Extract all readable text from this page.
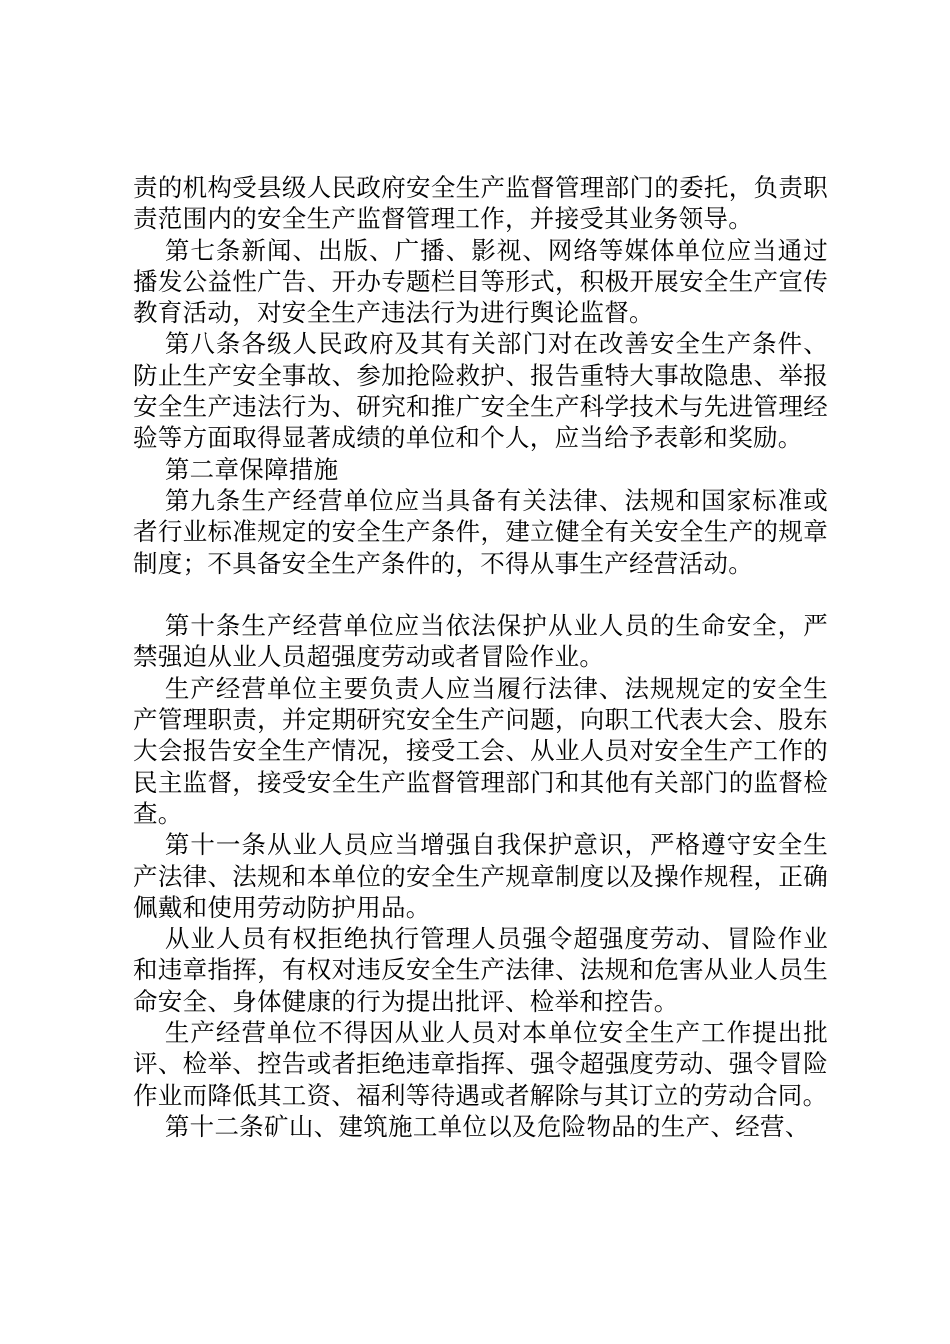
责的机构受县级人民政府安全生产监督管理部门的委托，负责职责范围内的安全生产监督管理工作，并接受其业务领导。

第七条新闻、出版、广播、影视、网络等媒体单位应当通过播发公益性广告、开办专题栏目等形式，积极开展安全生产宣传教育活动，对安全生产违法行为进行舆论监督。

第八条各级人民政府及其有关部门对在改善安全生产条件、防止生产安全事故、参加抢险救护、报告重特大事故隐患、举报安全生产违法行为、研究和推广安全生产科学技术与先进管理经验等方面取得显著成绩的单位和个人，应当给予表彰和奖励。

第二章保障措施

第九条生产经营单位应当具备有关法律、法规和国家标准或者行业标准规定的安全生产条件，建立健全有关安全生产的规章制度；不具备安全生产条件的，不得从事生产经营活动。

第十条生产经营单位应当依法保护从业人员的生命安全，严禁强迫从业人员超强度劳动或者冒险作业。

生产经营单位主要负责人应当履行法律、法规规定的安全生产管理职责，并定期研究安全生产问题，向职工代表大会、股东大会报告安全生产情况，接受工会、从业人员对安全生产工作的民主监督，接受安全生产监督管理部门和其他有关部门的监督检查。

第十一条从业人员应当增强自我保护意识，严格遵守安全生产法律、法规和本单位的安全生产规章制度以及操作规程，正确佩戴和使用劳动防护用品。

从业人员有权拒绝执行管理人员强令超强度劳动、冒险作业和违章指挥，有权对违反安全生产法律、法规和危害从业人员生命安全、身体健康的行为提出批评、检举和控告。

生产经营单位不得因从业人员对本单位安全生产工作提出批评、检举、控告或者拒绝违章指挥、强令超强度劳动、强令冒险作业而降低其工资、福利等待遇或者解除与其订立的劳动合同。

第十二条矿山、建筑施工单位以及危险物品的生产、经营、
